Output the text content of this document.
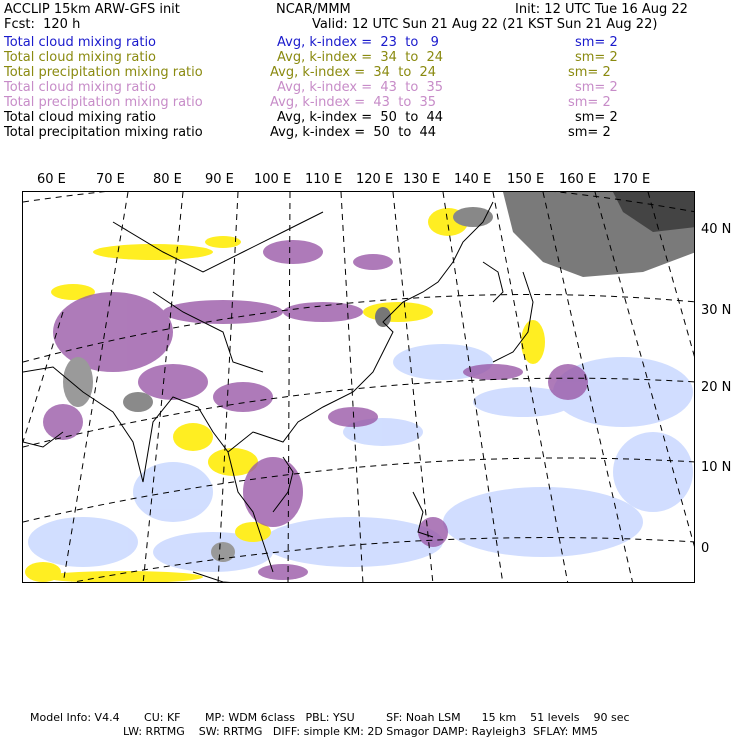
ACCLIP 15km ARW-GFS init	NCAR/MMM	Init: 12 UTC Tue 16 Aug 22
Fcst:  120 h	Valid: 12 UTC Sun 21 Aug 22 (21 KST Sun 21 Aug 22)
Total cloud mixing ratio	Avg, k-index =  23  to   9	sm= 2
Total cloud mixing ratio	Avg, k-index =  34  to  24	sm= 2
Total precipitation mixing ratio	Avg, k-index =  34  to  24	sm= 2
Total cloud mixing ratio	Avg, k-index =  43  to  35	sm= 2
Total precipitation mixing ratio	Avg, k-index =  43  to  35	sm= 2
Total cloud mixing ratio	Avg, k-index =  50  to  44	sm= 2
Total precipitation mixing ratio	Avg, k-index =  50  to  44	sm= 2
60 E 70 E 80 E 90 E 100 E 110 E 120 E 130 E 140 E 150 E 160 E 170 E
40 N
30 N
20 N
10 N
0
Model Info: V4.4       CU: KF       MP: WDM 6class   PBL: YSU         SF: Noah LSM      15 km    51 levels    90 sec
LW: RRTMG    SW: RRTMG   DIFF: simple KM: 2D Smagor DAMP: Rayleigh3  SFLAY: MM5
